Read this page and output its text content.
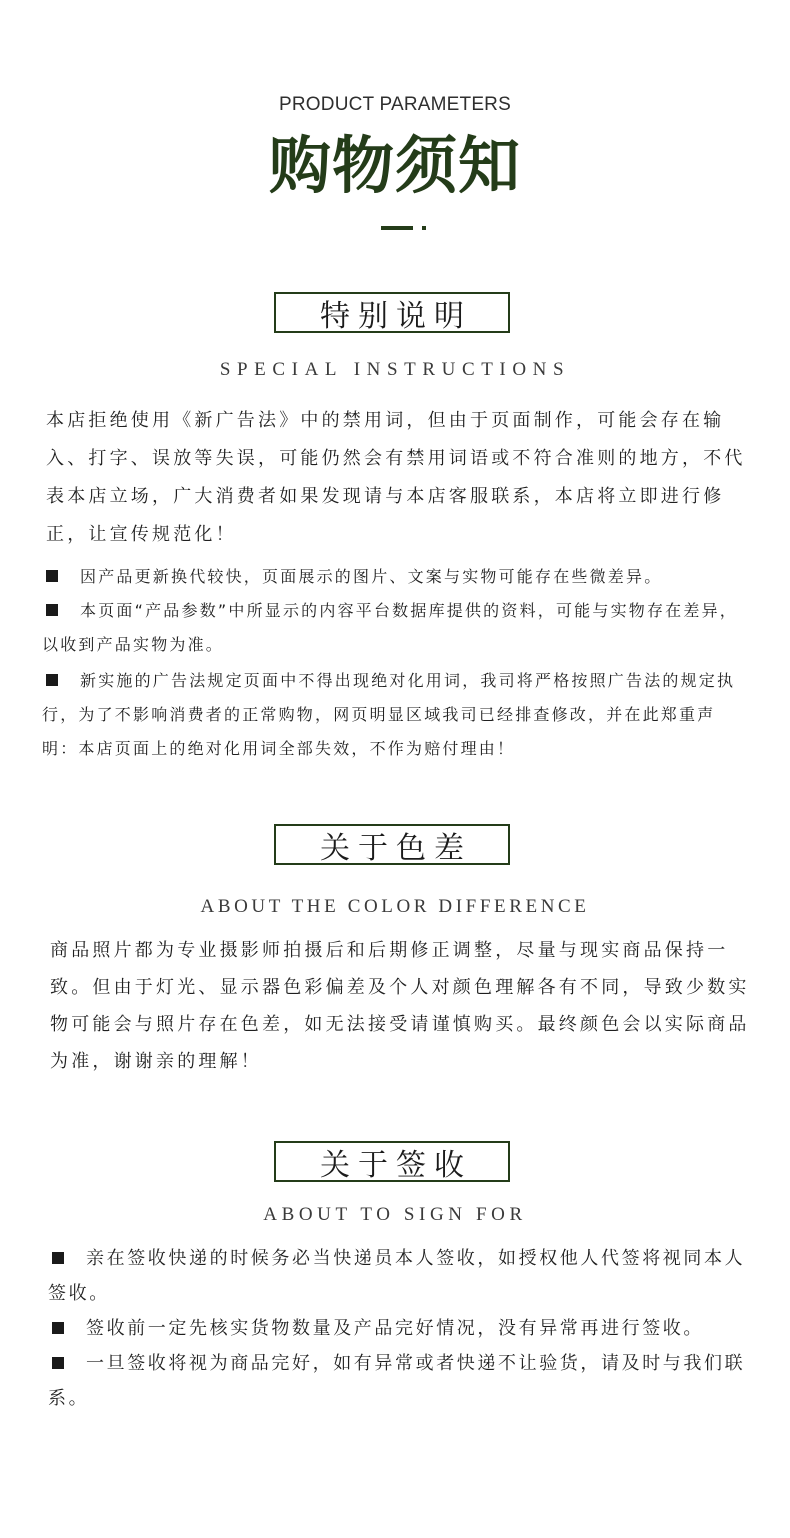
PRODUCT PARAMETERS
购物须知
特别说明
SPECIAL INSTRUCTIONS

本店拒绝使用《新广告法》中的禁用词，但由于页面制作，可能会存在输入、打字、误放等失误，可能仍然会有禁用词语或不符合准则的地方，不代表本店立场，广大消费者如果发现请与本店客服联系，本店将立即进行修正，让宣传规范化！

因产品更新换代较快，页面展示的图片、文案与实物可能存在些微差异。

本页面“产品参数”中所显示的内容平台数据库提供的资料，可能与实物存在差异，以收到产品实物为准。

新实施的广告法规定页面中不得出现绝对化用词，我司将严格按照广告法的规定执行，为了不影响消费者的正常购物，网页明显区域我司已经排查修改，并在此郑重声明：本店页面上的绝对化用词全部失效，不作为赔付理由！

关于色差
ABOUT THE COLOR DIFFERENCE

商品照片都为专业摄影师拍摄后和后期修正调整，尽量与现实商品保持一致。但由于灯光、显示器色彩偏差及个人对颜色理解各有不同，导致少数实物可能会与照片存在色差，如无法接受请谨慎购买。最终颜色会以实际商品为准，谢谢亲的理解！

关于签收
ABOUT TO SIGN FOR

亲在签收快递的时候务必当快递员本人签收，如授权他人代签将视同本人签收。

签收前一定先核实货物数量及产品完好情况，没有异常再进行签收。

一旦签收将视为商品完好，如有异常或者快递不让验货，请及时与我们联系。
